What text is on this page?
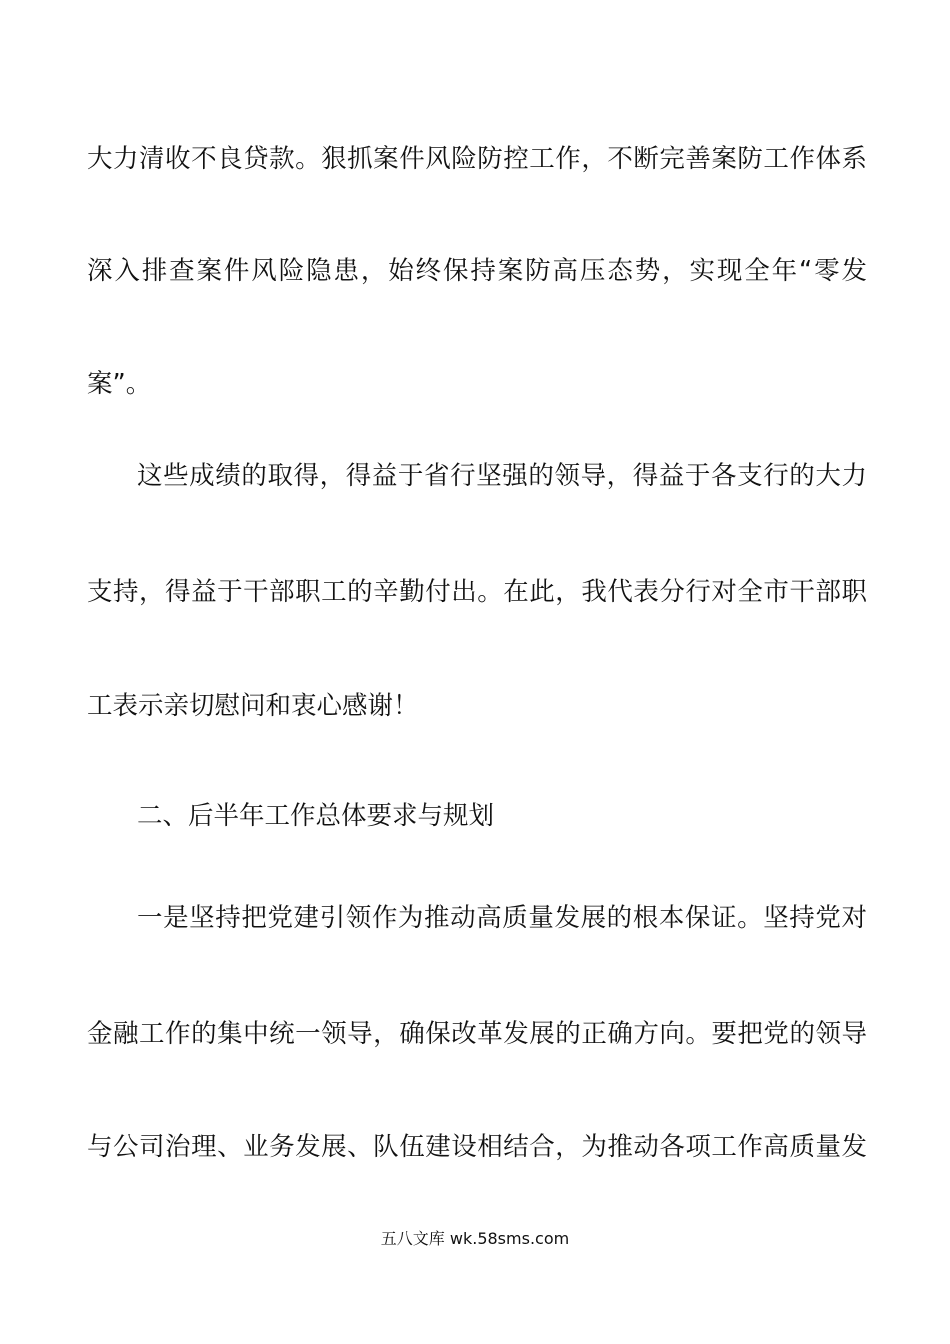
大力清收不良贷款。狠抓案件风险防控工作，不断完善案防工作体系
深入排查案件风险隐患，始终保持案防高压态势，实现全年“零发
案”。
这些成绩的取得，得益于省行坚强的领导，得益于各支行的大力
支持，得益于干部职工的辛勤付出。在此，我代表分行对全市干部职
工表示亲切慰问和衷心感谢！
二、后半年工作总体要求与规划
一是坚持把党建引领作为推动高质量发展的根本保证。坚持党对
金融工作的集中统一领导，确保改革发展的正确方向。要把党的领导
与公司治理、业务发展、队伍建设相结合，为推动各项工作高质量发
五八文库 wk.58sms.com
